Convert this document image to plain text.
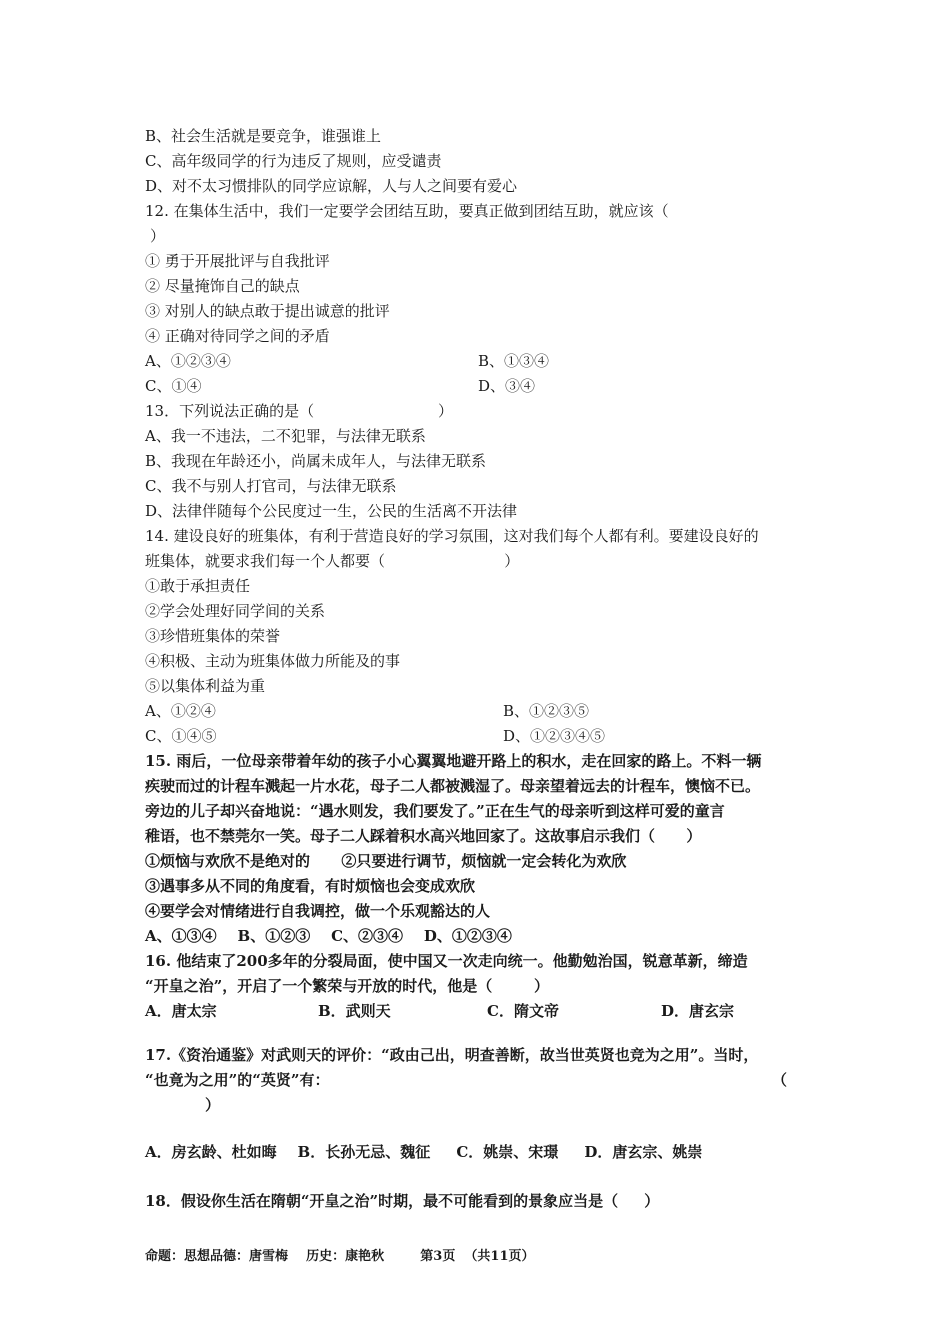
B、社会生活就是要竞争，谁强谁上
C、高年级同学的行为违反了规则，应受谴责
D、对不太习惯排队的同学应谅解，人与人之间要有爱心
12. 在集体生活中，我们一定要学会团结互助，要真正做到团结互助，就应该（
）
① 勇于开展批评与自我批评
② 尽量掩饰自己的缺点
③ 对别人的缺点敢于提出诚意的批评
④ 正确对待同学之间的矛盾
A、①②③④	B、①③④
C、①④	D、③④
13．下列说法正确的是（                          ）
A、我一不违法，二不犯罪，与法律无联系
B、我现在年龄还小，尚属未成年人，与法律无联系
C、我不与别人打官司，与法律无联系
D、法律伴随每个公民度过一生，公民的生活离不开法律
14. 建设良好的班集体，有利于营造良好的学习氛围，这对我们每个人都有利。要建设良好的
班集体，就要求我们每一个人都要（                         ）
①敢于承担责任
②学会处理好同学间的关系
③珍惜班集体的荣誉
④积极、主动为班集体做力所能及的事
⑤以集体利益为重
A、①②④	B、①②③⑤
C、①④⑤	D、①②③④⑤
15. 雨后，一位母亲带着年幼的孩子小心翼翼地避开路上的积水，走在回家的路上。不料一辆
疾驶而过的计程车溅起一片水花，母子二人都被溅湿了。母亲望着远去的计程车，懊恼不已。
旁边的儿子却兴奋地说：“遇水则发，我们要发了。”正在生气的母亲听到这样可爱的童言
稚语，也不禁莞尔一笑。母子二人踩着积水高兴地回家了。这故事启示我们（      ）
①烦恼与欢欣不是绝对的      ②只要进行调节，烦恼就一定会转化为欢欣
③遇事多从不同的角度看，有时烦恼也会变成欢欣
④要学会对情绪进行自我调控，做一个乐观豁达的人
A、①③④    B、①②③    C、②③④    D、①②③④
16. 他结束了200多年的分裂局面，使中国又一次走向统一。他勤勉治国，锐意革新，缔造
“开皇之治”，开启了一个繁荣与开放的时代，他是（        ）
A．唐太宗	B．武则天	C．隋文帝	D．唐玄宗
17.《资治通鉴》对武则天的评价：“政由己出，明查善断，故当世英贤也竞为之用”。当时，
“也竟为之用”的“英贤”有：	（
）
A．房玄龄、杜如晦    B．长孙无忌、魏征     C．姚崇、宋璟     D．唐玄宗、姚崇
18．假设你生活在隋朝“开皇之治”时期，最不可能看到的景象应当是（     ）
命题：思想品德：唐雪梅    历史：康艳秋        第3页  （共11页）
